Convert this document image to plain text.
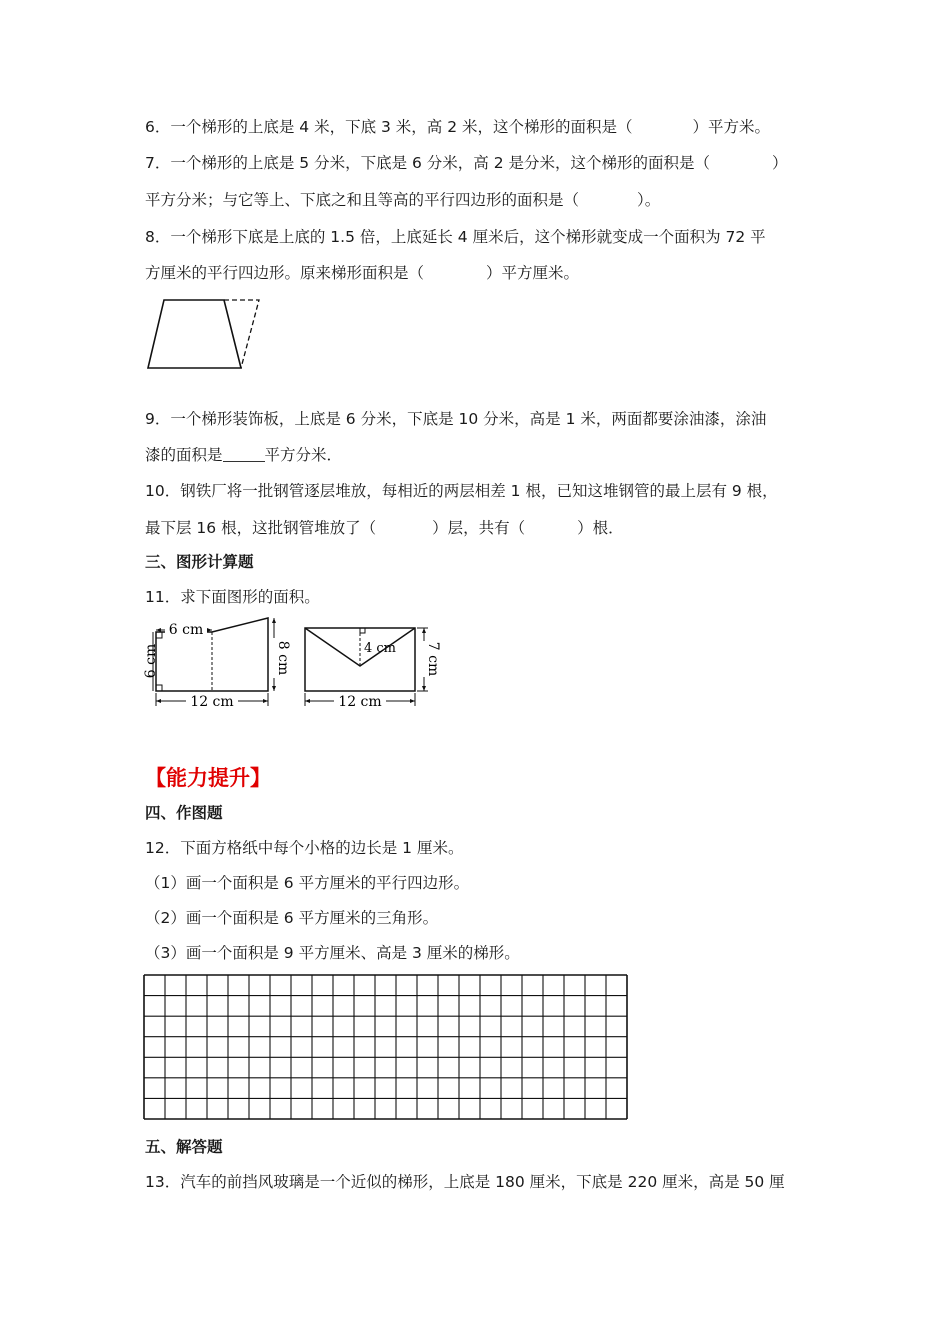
6．一个梯形的上底是 4 米，下底 3 米，高 2 米，这个梯形的面积是（	）平方米。
7．一个梯形的上底是 5 分米，下底是 6 分米，高 2 是分米，这个梯形的面积是（	）
平方分米；与它等上、下底之和且等高的平行四边形的面积是（	）。
8．一个梯形下底是上底的 1.5 倍，上底延长 4 厘米后，这个梯形就变成一个面积为 72 平
方厘米的平行四边形。原来梯形面积是（	）平方厘米。
9．一个梯形装饰板，上底是 6 分米，下底是 10 分米，高是 1 米，两面都要涂油漆，涂油
漆的面积是	平方分米．
10．钢铁厂将一批钢管逐层堆放，每相近的两层相差 1 根，已知这堆钢管的最上层有 9 根，
最下层 16 根，这批钢管堆放了（	）层，共有（	）根．
三、图形计算题
11．求下面图形的面积。
6 cm
6 cm	8 cm
12 cm
4 cm 7 cm
12 cm
【能力提升】
四、作图题
12．下面方格纸中每个小格的边长是 1 厘米。
（1）画一个面积是 6 平方厘米的平行四边形。
（2）画一个面积是 6 平方厘米的三角形。
（3）画一个面积是 9 平方厘米、高是 3 厘米的梯形。
五、解答题
13．汽车的前挡风玻璃是一个近似的梯形，上底是 180 厘米，下底是 220 厘米，高是 50 厘
